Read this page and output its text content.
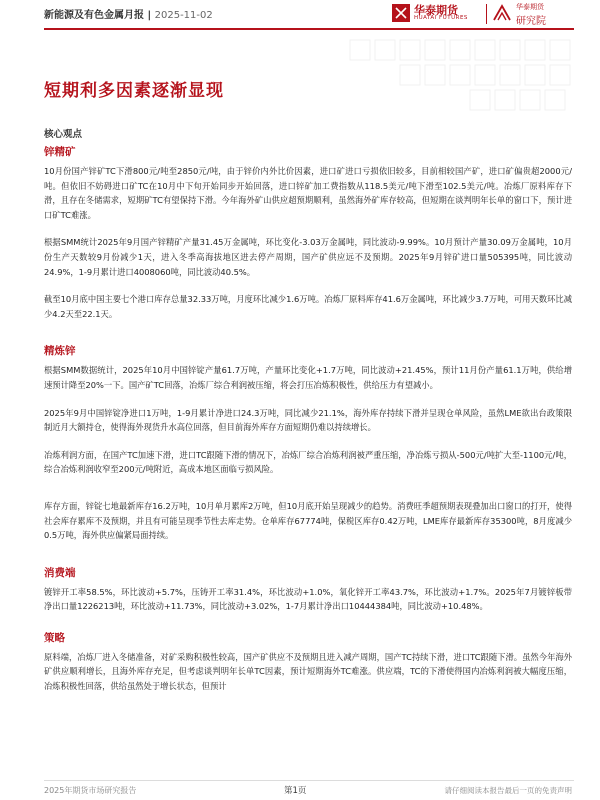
新能源及有色金属月报 | 2025-11-02	华泰期货
HUATAI FUTURES
华泰期货
研究院
短期利多因素逐渐显现
核心观点
锌精矿

10月份国产锌矿TC下滑800元/吨至2850元/吨，由于锌价内外比价因素，进口矿进口亏损依旧较多，目前相较国产矿，进口矿偏贵超2000元/吨。但依旧不妨碍进口矿TC在10月中下旬开始同步开始回落，进口锌矿加工费指数从118.5美元/吨下滑至102.5美元/吨。冶炼厂原料库存下滑，且存在冬储需求，短期矿TC有望保持下滑。今年海外矿山供应超预期顺利，虽然海外矿库存较高，但短期在谈判明年长单的窗口下，预计进口矿TC难涨。

根据SMM统计2025年9月国产锌精矿产量31.45万金属吨，环比变化-3.03万金属吨，同比波动-9.99%。10月预计产量30.09万金属吨，10月份生产天数较9月份减少1天，进入冬季高海拔地区进去停产周期，国产矿供应远不及预期。2025年9月锌矿进口量505395吨，同比波动24.9%，1-9月累计进口4008060吨，同比波动40.5%。

截至10月底中国主要七个港口库存总量32.33万吨，月度环比减少1.6万吨。冶炼厂原料库存41.6万金属吨，环比减少3.7万吨，可用天数环比减少4.2天至22.1天。

精炼锌

根据SMM数据统计，2025年10月中国锌锭产量61.7万吨，产量环比变化+1.7万吨，同比波动+21.45%，预计11月份产量61.1万吨，供给增速预计降至20%一下。国产矿TC回落，冶炼厂综合利润被压缩，将会打压冶炼积极性，供给压力有望减小。

2025年9月中国锌锭净进口1万吨，1-9月累计净进口24.3万吨，同比减少21.1%，海外库存持续下滑并呈现仓单风险，虽然LME欲出台政策限制近月大额持仓，使得海外现货升水高位回落，但目前海外库存方面短期仍难以持续增长。

冶炼利润方面，在国产TC加速下滑，进口TC跟随下滑的情况下，冶炼厂综合冶炼利润被严重压缩，净冶炼亏损从-500元/吨扩大至-1100元/吨，综合冶炼利润收窄至200元/吨附近，高成本地区面临亏损风险。

库存方面，锌锭七地最新库存16.2万吨，10月单月累库2万吨，但10月底开始呈现减少的趋势。消费旺季超预期表现叠加出口窗口的打开，使得社会库存累库不及预期，并且有可能呈现季节性去库走势。仓单库存67774吨，保税区库存0.42万吨，LME库存最新库存35300吨，8月度减少0.5万吨，海外供应偏紧局面持续。

消费端

镀锌开工率58.5%，环比波动+5.7%，压铸开工率31.4%，环比波动+1.0%，氧化锌开工率43.7%，环比波动+1.7%。2025年7月镀锌板带净出口量1226213吨，环比波动+11.73%，同比波动+3.02%，1-7月累计净出口10444384吨，同比波动+10.48%。

策略

原料端，冶炼厂进入冬储准备，对矿采购积极性较高，国产矿供应不及预期且进入减产周期，国产TC持续下滑，进口TC跟随下滑。虽然今年海外矿供应顺利增长，且海外库存充足，但考虑谈判明年长单TC因素，预计短期海外TC难涨。供应端，TC的下滑使得国内冶炼利润被大幅度压缩，冶炼积极性回落，供给虽然处于增长状态，但预计

2025年期货市场研究报告	第1页	请仔细阅读本报告最后一页的免责声明
